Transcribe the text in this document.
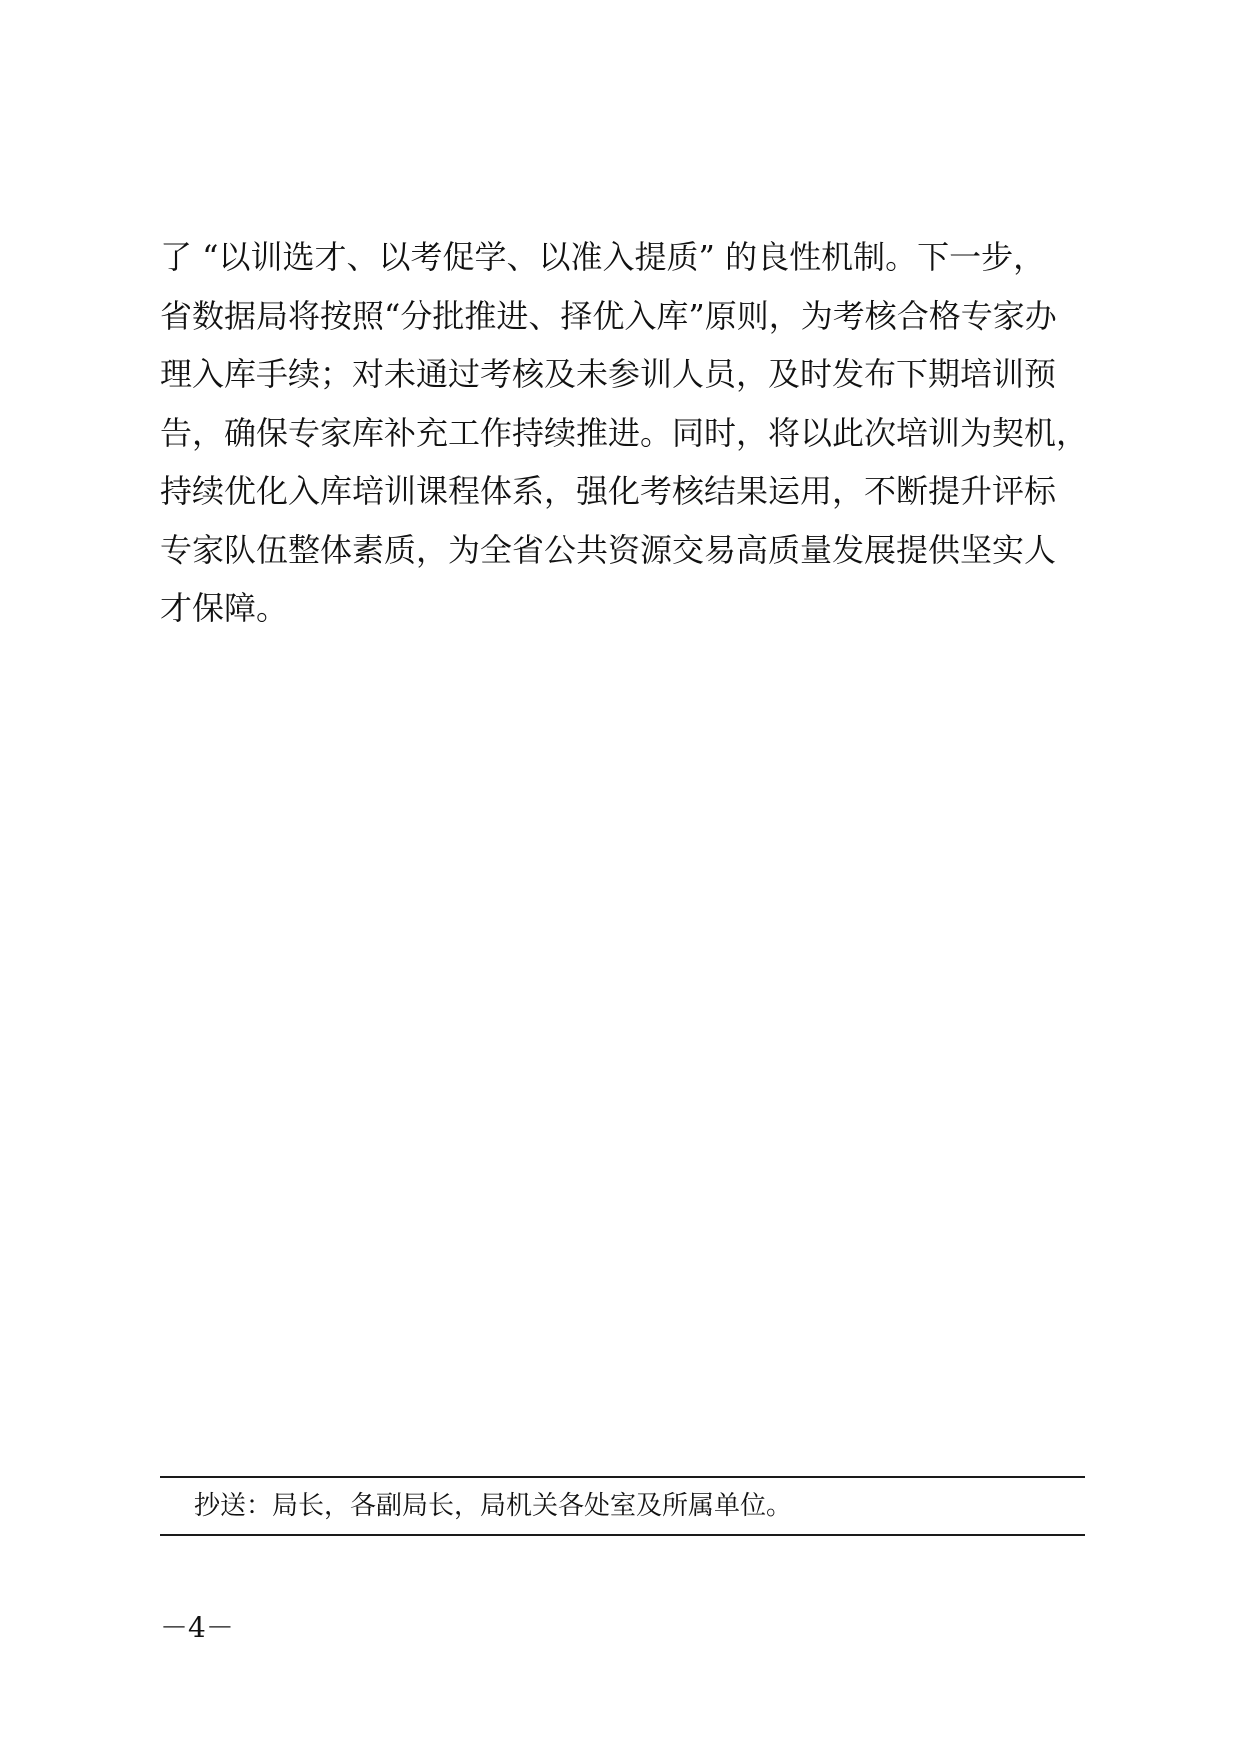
了 “以训选才、以考促学、以准入提质” 的良性机制。下一步，
省数据局将按照“分批推进、择优入库”原则，为考核合格专家办
理入库手续；对未通过考核及未参训人员，及时发布下期培训预
告，确保专家库补充工作持续推进。同时，将以此次培训为契机，
持续优化入库培训课程体系，强化考核结果运用，不断提升评标
专家队伍整体素质，为全省公共资源交易高质量发展提供坚实人
才保障。
抄送：局长，各副局长，局机关各处室及所属单位。
－4－
